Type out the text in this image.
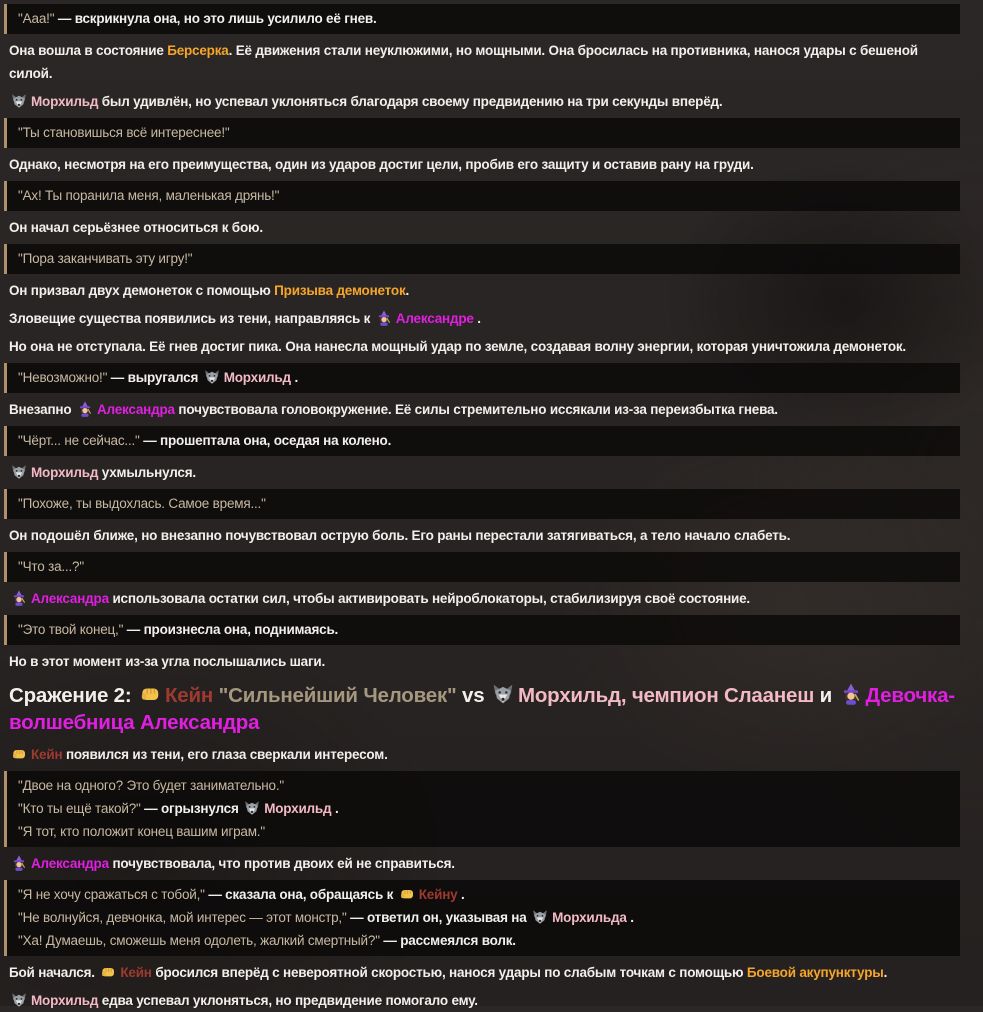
"Ааа!" — вскрикнула она, но это лишь усилило её гнев.
Она вошла в состояние Берсерка. Её движения стали неуклюжими, но мощными. Она бросилась на противника, нанося удары с бешеной силой.
Морхильд был удивлён, но успевал уклоняться благодаря своему предвидению на три секунды вперёд.
"Ты становишься всё интереснее!"
Однако, несмотря на его преимущества, один из ударов достиг цели, пробив его защиту и оставив рану на груди.
"Ах! Ты поранила меня, маленькая дрянь!"
Он начал серьёзнее относиться к бою.
"Пора заканчивать эту игру!"
Он призвал двух демонеток с помощью Призыва демонеток.
Зловещие существа появились из тени, направляясь к Александре .
Но она не отступала. Её гнев достиг пика. Она нанесла мощный удар по земле, создавая волну энергии, которая уничтожила демонеток.
"Невозможно!" — выругался Морхильд .
Внезапно Александра почувствовала головокружение. Её силы стремительно иссякали из-за переизбытка гнева.
"Чёрт... не сейчас..." — прошептала она, оседая на колено.
Морхильд ухмыльнулся.
"Похоже, ты выдохлась. Самое время..."
Он подошёл ближе, но внезапно почувствовал острую боль. Его раны перестали затягиваться, а тело начало слабеть.
"Что за...?"
Александра использовала остатки сил, чтобы активировать нейроблокаторы, стабилизируя своё состояние.
"Это твой конец," — произнесла она, поднимаясь.
Но в этот момент из-за угла послышались шаги.
Сражение 2: Кейн "Сильнейший Человек" vs Морхильд, чемпион Слаанеш и Девочка-волшебница Александра
Кейн появился из тени, его глаза сверкали интересом.
"Двое на одного? Это будет занимательно."
"Кто ты ещё такой?" — огрызнулся Морхильд .
"Я тот, кто положит конец вашим играм."
Александра почувствовала, что против двоих ей не справиться.
"Я не хочу сражаться с тобой," — сказала она, обращаясь к Кейну .
"Не волнуйся, девчонка, мой интерес — этот монстр," — ответил он, указывая на Морхильда .
"Ха! Думаешь, сможешь меня одолеть, жалкий смертный?" — рассмеялся волк.
Бой начался. Кейн бросился вперёд с невероятной скоростью, нанося удары по слабым точкам с помощью Боевой акупунктуры.
Морхильд едва успевал уклоняться, но предвидение помогало ему.
